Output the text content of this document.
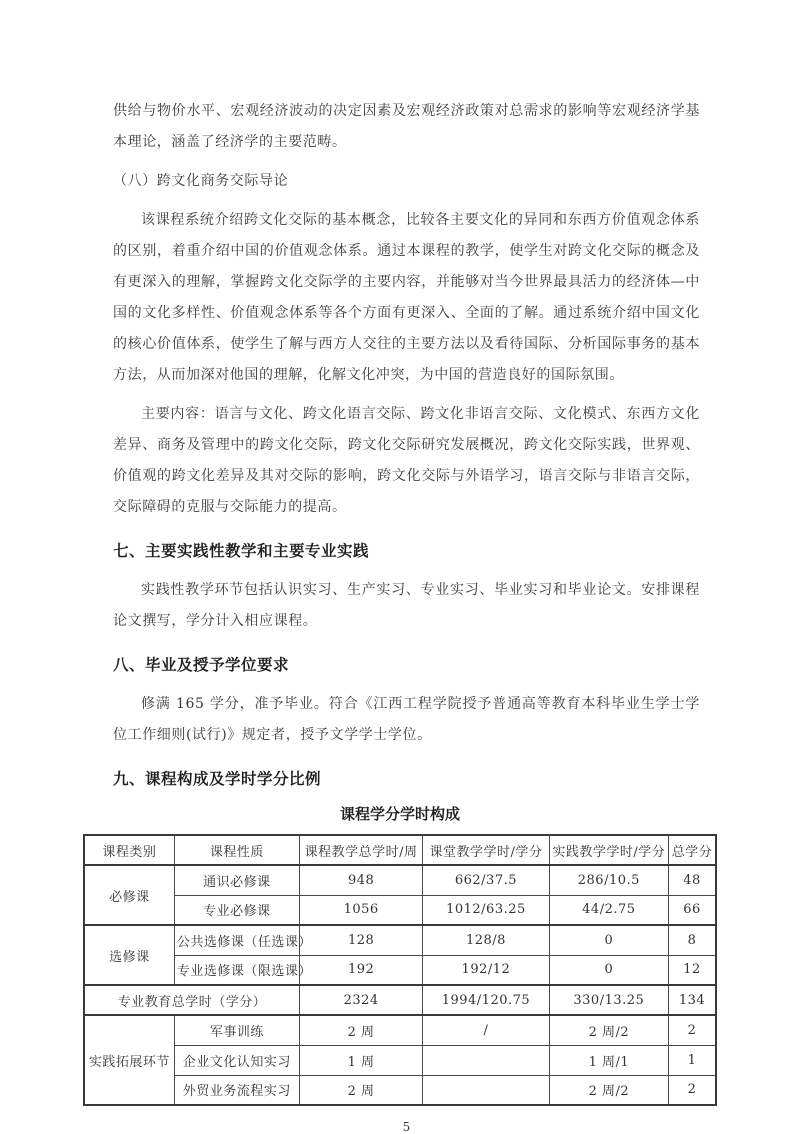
供给与物价水平、宏观经济波动的决定因素及宏观经济政策对总需求的影响等宏观经济学基本理论，涵盖了经济学的主要范畴。

（八）跨文化商务交际导论

该课程系统介绍跨文化交际的基本概念，比较各主要文化的异同和东西方价值观念体系的区别，着重介绍中国的价值观念体系。通过本课程的教学，使学生对跨文化交际的概念及有更深入的理解，掌握跨文化交际学的主要内容，并能够对当今世界最具活力的经济体—中国的文化多样性、价值观念体系等各个方面有更深入、全面的了解。通过系统介绍中国文化的核心价值体系，使学生了解与西方人交往的主要方法以及看待国际、分析国际事务的基本方法，从而加深对他国的理解，化解文化冲突，为中国的营造良好的国际氛围。

主要内容：语言与文化、跨文化语言交际、跨文化非语言交际、文化模式、东西方文化差异、商务及管理中的跨文化交际，跨文化交际研究发展概况，跨文化交际实践，世界观、价值观的跨文化差异及其对交际的影响，跨文化交际与外语学习，语言交际与非语言交际，交际障碍的克服与交际能力的提高。

七、主要实践性教学和主要专业实践

实践性教学环节包括认识实习、生产实习、专业实习、毕业实习和毕业论文。安排课程论文撰写，学分计入相应课程。

八、毕业及授予学位要求

修满 165 学分，准予毕业。符合《江西工程学院授予普通高等教育本科毕业生学士学位工作细则(试行)》规定者，授予文学学士学位。

九、课程构成及学时学分比例
课程学分学时构成
课程类别	课程性质	课程教学总学时/周	课堂教学学时/学分	实践教学学时/学分	总学分
必修课	通识必修课	948	662/37.5	286/10.5	48
	专业必修课	1056	1012/63.25	44/2.75	66
选修课	公共选修课（任选课）	128	128/8	0	8
	专业选修课（限选课）	192	192/12	0	12
专业教育总学时（学分）		2324	1994/120.75	330/13.25	134
实践拓展环节	军事训练	2 周	/	2 周/2	2
	企业文化认知实习	1 周		1 周/1	1
	外贸业务流程实习	2 周		2 周/2	2
5
